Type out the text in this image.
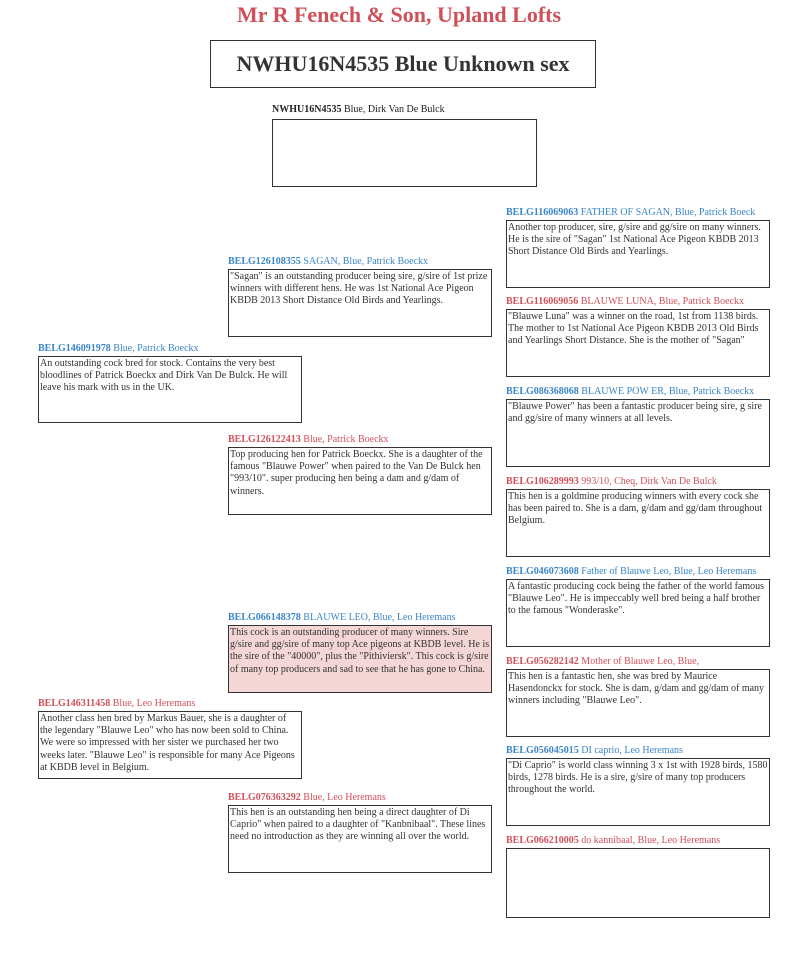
Mr R Fenech & Son, Upland Lofts
NWHU16N4535 Blue Unknown sex
NWHU16N4535 Blue, Dirk Van De Bulck
BELG146091978 Blue, Patrick Boeckx
An outstanding cock bred for stock. Contains the very best bloodlines of Patrick Boeckx and Dirk Van De Bulck. He will leave his mark with us in the UK.
BELG146311458 Blue, Leo Heremans
Another class hen bred by Markus Bauer, she is a daughter of the legendary "Blauwe Leo" who has now been sold to China. We were so impressed with her sister we purchased her two weeks later. "Blauwe Leo" is responsible for many Ace Pigeons at KBDB level in Belgium.
BELG126108355 SAGAN, Blue, Patrick Boeckx
"Sagan" is an outstanding producer being sire, g/sire of 1st prize winners with different hens. He was 1st National Ace Pigeon KBDB 2013 Short Distance Old Birds and Yearlings.
BELG126122413 Blue, Patrick Boeckx
Top producing hen for Patrick Boeckx. She is a daughter of the famous "Blauwe Power" when paired to the Van De Bulck hen "993/10". super producing hen being a dam and g/dam of winners.
BELG066148378 BLAUWE LEO, Blue, Leo Heremans
This cock is an outstanding producer of many winners. Sire g/sire and gg/sire of many top Ace pigeons at KBDB level. He is the sire of the "40000", plus the "Pithiviersk". This cock is g/sire of many top producers and sad to see that he has gone to China.
BELG076363292 Blue, Leo Heremans
This hen is an outstanding hen being a direct daughter of Di Caprio" when paired to a daughter of "Kanbnibaal". These lines need no introduction as they are winning all over the world.
BELG116069063 FATHER OF SAGAN, Blue, Patrick Boeck
Another top producer, sire, g/sire and gg/sire on many winners. He is the sire of "Sagan" 1st National Ace Pigeon KBDB 2013 Short Distance Old Birds and Yearlings.
BELG116069056 BLAUWE LUNA, Blue, Patrick Boeckx
"Blauwe Luna" was a winner on the road, 1st from 1138 birds. The mother to 1st National Ace Pigeon KBDB 2013 Old Birds and Yearlings Short Distance. She is the mother of "Sagan"
BELG086368068 BLAUWE POW ER, Blue, Patrick Boeckx
"Blauwe Power" has been a fantastic producer being sire, g sire and gg/sire of many winners at all levels.
BELG106289993 993/10, Cheq, Dirk Van De Bulck
This hen is a goldmine producing winners with every cock she has been paired to. She is a dam, g/dam and gg/dam throughout Belgium.
BELG046073608 Father of Blauwe Leo, Blue, Leo Heremans
A fantastic producing cock being the father of the world famous "Blauwe Leo". He is impeccably well bred being a half brother to the famous "Wonderaske".
BELG056282142 Mother of Blauwe Leo, Blue,
This hen is a fantastic hen, she was bred by Maurice Hasendonckx for stock. She is dam, g/dam and gg/dam of many winners including "Blauwe Leo".
BELG056045015 DI caprio, Leo Heremans
"Di Caprio" is world class winning 3 x 1st with 1928 birds, 1580 birds, 1278 birds. He is a sire, g/sire of many top producers throughout the world.
BELG066210005 do kannibaal, Blue, Leo Heremans
